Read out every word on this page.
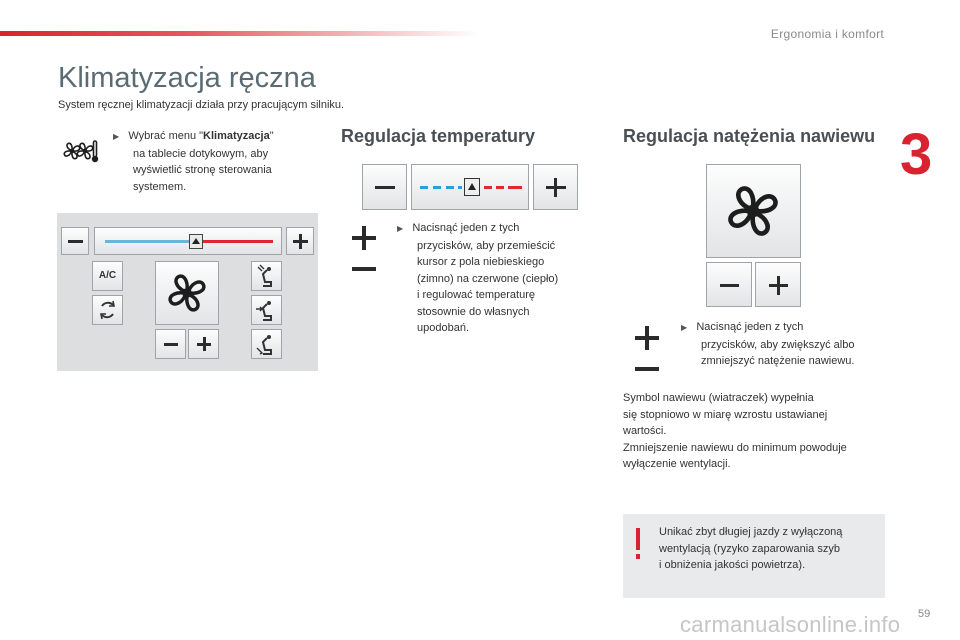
Ergonomia i komfort
3
Klimatyzacja ręczna

System ręcznej klimatyzacji działa przy pracującym silniku.

▶ Wybrać menu "Klimatyzacja"
na tablecie dotykowym, aby
wyświetlić stronę sterowania
systemem.
A/C
Regulacja temperatury
▶ Nacisnąć jeden z tych
przycisków, aby przemieścić
kursor z pola niebieskiego
(zimno) na czerwone (ciepło)
i regulować temperaturę
stosownie do własnych
upodobań.
Regulacja natężenia nawiewu
▶ Nacisnąć jeden z tych
przycisków, aby zwiększyć albo
zmniejszyć natężenie nawiewu.
Symbol nawiewu (wiatraczek) wypełnia
się stopniowo w miarę wzrostu ustawianej
wartości.
Zmniejszenie nawiewu do minimum powoduje
wyłączenie wentylacji.
Unikać zbyt długiej jazdy z wyłączoną
wentylacją (ryzyko zaparowania szyb
i obniżenia jakości powietrza).
59
carmanualsonline.info
